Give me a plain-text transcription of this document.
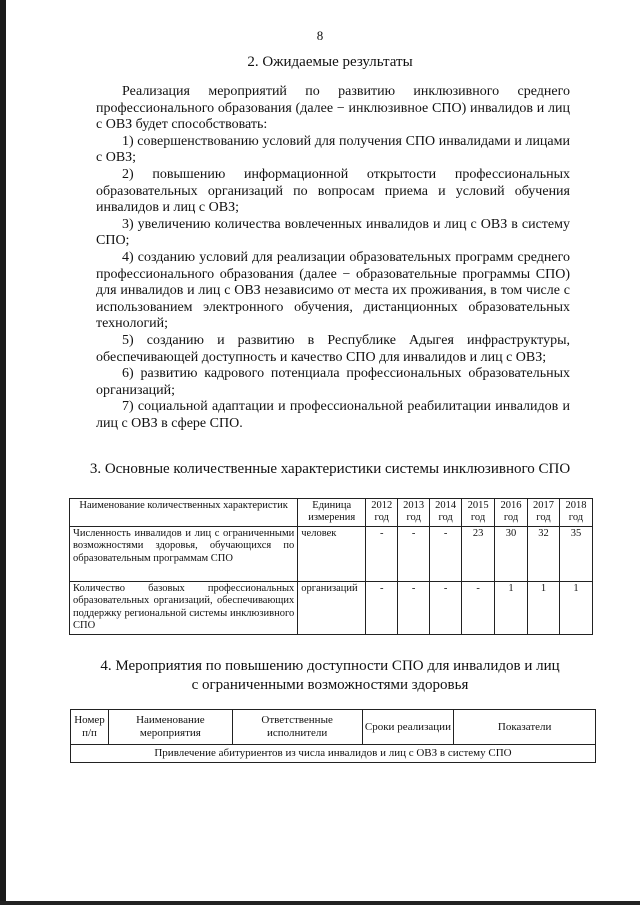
8
2. Ожидаемые результаты

Реализация мероприятий по развитию инклюзивного среднего профессионального образования (далее − инклюзивное СПО) инвалидов и лиц с ОВЗ будет способствовать:

1) совершенствованию условий для получения СПО инвалидами и лицами с ОВЗ;

2) повышению информационной открытости профессиональных образовательных организаций по вопросам приема и условий обучения инвалидов и лиц с ОВЗ;

3) увеличению количества вовлеченных инвалидов и лиц с ОВЗ в систему СПО;

4) созданию условий для реализации образовательных программ среднего профессионального образования (далее − образовательные программы СПО) для инвалидов и лиц с ОВЗ независимо от места их проживания, в том числе с использованием электронного обучения, дистанционных образовательных технологий;

5) созданию и развитию в Республике Адыгея инфраструктуры, обеспечивающей доступность и качество СПО для инвалидов и лиц с ОВЗ;

6) развитию кадрового потенциала профессиональных образовательных организаций;

7) социальной адаптации и профессиональной реабилитации инвалидов и лиц с ОВЗ в сфере СПО.

3. Основные количественные характеристики системы инклюзивного СПО
Наименование количественных характеристик	Единица измерения	2012 год	2013 год	2014 год	2015 год	2016 год	2017 год	2018 год
Численность инвалидов и лиц с ограниченными возможностями здоровья, обучающихся по образовательным программам СПО	человек	-	-	-	23	30	32	35
Количество базовых профессиональных образовательных организаций, обеспечивающих поддержку региональной системы инклюзивного СПО	организаций	-	-	-	-	1	1	1
4. Мероприятия по повышению доступности СПО для инвалидов и лиц
с ограниченными возможностями здоровья
Номер п/п	Наименование мероприятия	Ответственные исполнители	Сроки реализации	Показатели
Привлечение абитуриентов из числа инвалидов и лиц с ОВЗ в систему СПО
